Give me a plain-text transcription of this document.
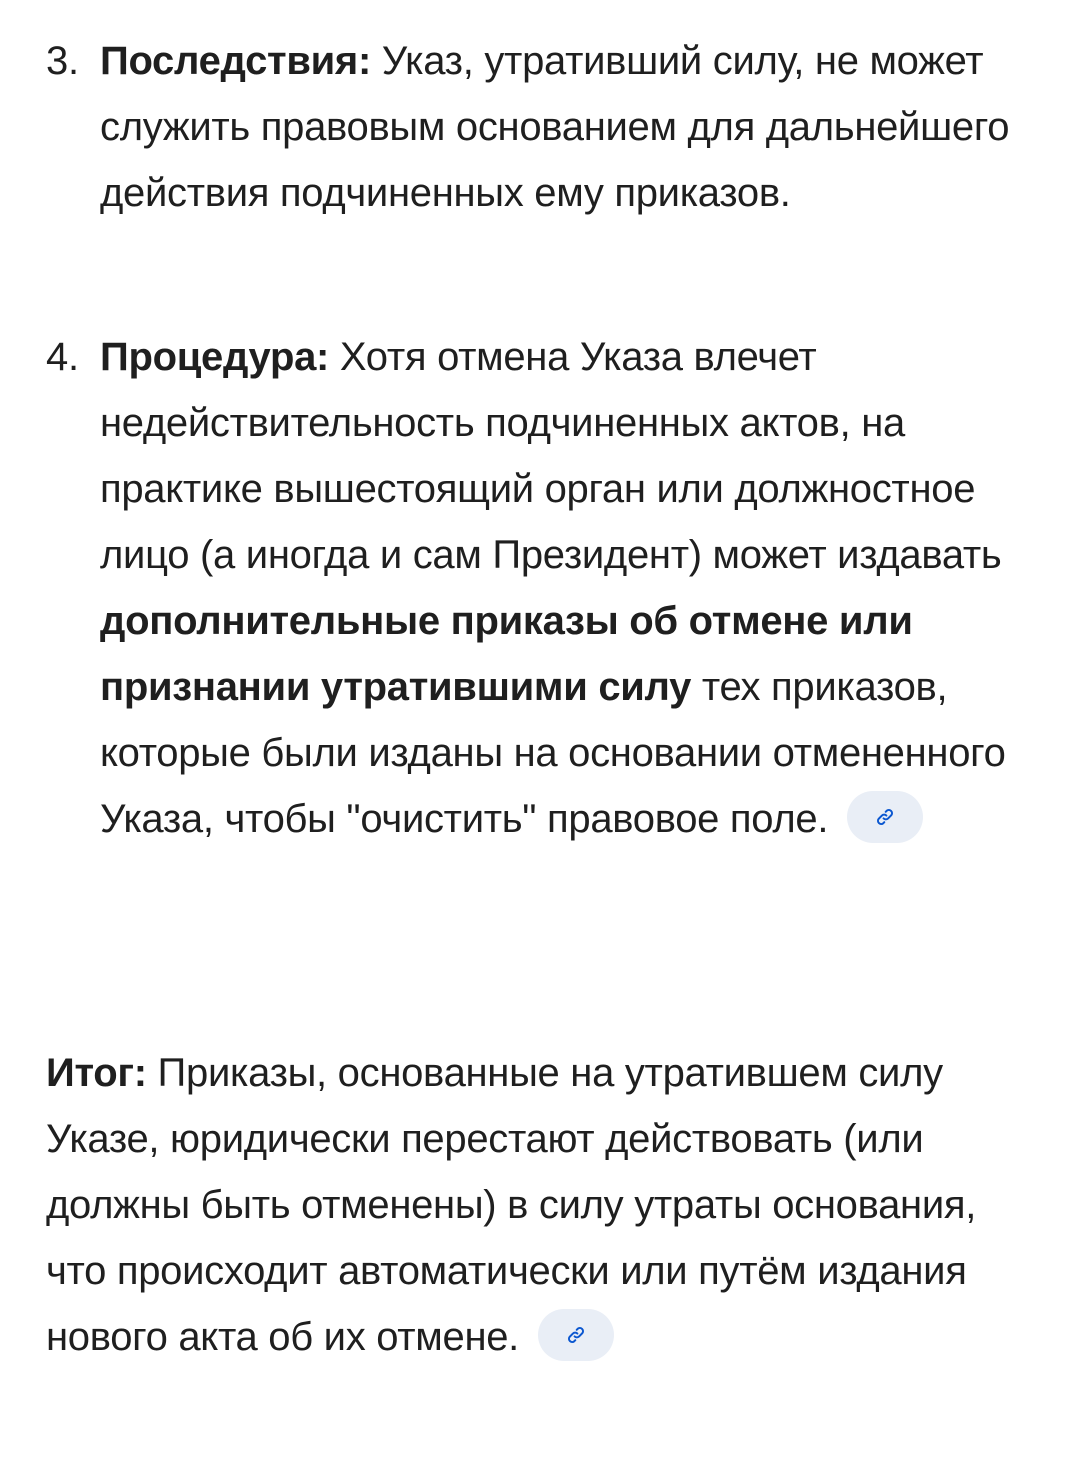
3. Последствия: Указ, утративший силу, не может служить правовым основанием для дальнейшего действия подчиненных ему приказов.
4. Процедура: Хотя отмена Указа влечет недействительность подчиненных актов, на практике вышестоящий орган или должностное лицо (а иногда и сам Президент) может издавать дополнительные приказы об отмене или признании утратившими силу тех приказов, которые были изданы на основании отмененного Указа, чтобы "очистить" правовое поле.
Итог: Приказы, основанные на утратившем силу Указе, юридически перестают действовать (или должны быть отменены) в силу утраты основания, что происходит автоматически или путём издания нового акта об их отмене.
